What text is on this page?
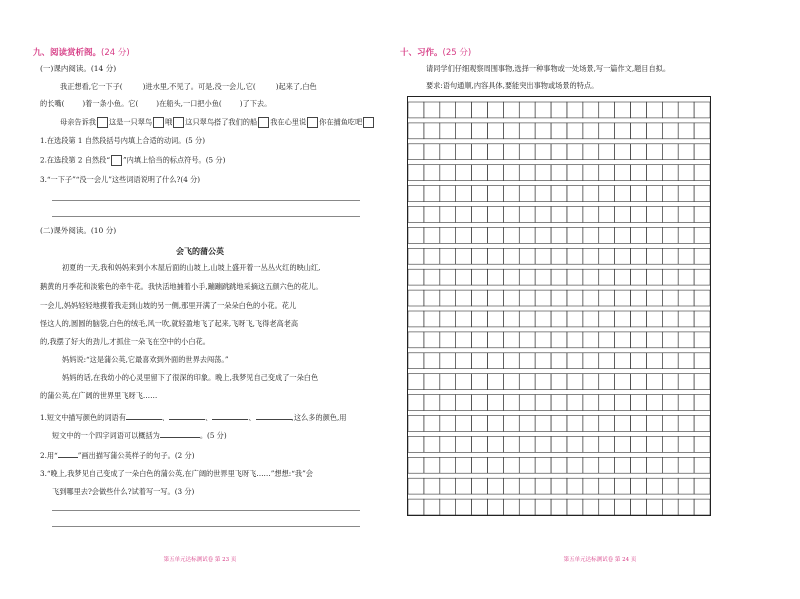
九、阅读赏析阁。(24 分)
(一)课内阅读。(14 分)
我正想看,它一下子(	)进水里,不见了。可是,没一会儿,它(	)起来了,白色
的长嘴(	)着一条小鱼。它(	)在船头,一口把小鱼(	)了下去。
母亲告诉我 这是一只翠鸟 哦 这只翠鸟搭了我们的船 我在心里说 你在捕鱼吃吧
1.在选段第 1 自然段括号内填上合适的动词。(5 分)
2.在选段第 2 自然段“ ”内填上恰当的标点符号。(5 分)
3.“一下子”“没一会儿”这些词语说明了什么?(4 分)
(二)课外阅读。(10 分)
会飞的蒲公英
初夏的一天,我和妈妈来到小木屋后面的山坡上,山坡上盛开着一丛丛火红的映山红,
鹅黄的月季花和淡紫色的牵牛花。我快活地捕着小手,蹦蹦跳跳地采摘这五颜六色的花儿。
一会儿,妈妈轻轻地摸着我走到山坡的另一侧,那里开满了一朵朵白色的小花。花儿
怪这人的,圆圆的脑袋,白色的绒毛,风一吹,就轻盈地飞了起来,飞呀飞,飞得老高老高
的,我摆了好大的劲儿,才抓住一朵飞在空中的小白花。
妈妈说:“这是蒲公英,它最喜欢到外面的世界去闯荡。”
妈妈的话,在我幼小的心灵里留下了很深的印象。晚上,我梦见自己变成了一朵白色
的蒲公英,在广阔的世界里飞呀飞……
1.短文中描写颜色的词语有	、	、	、	,这么多的颜色,用
短文中的一个四字词语可以概括为	。(5 分)
2.用“	”画出描写蒲公英样子的句子。(2 分)
3.“晚上,我梦见自己变成了一朵白色的蒲公英,在广阔的世界里飞呀飞……”想想:“我”会
飞到哪里去?会做些什么?试着写一写。(3 分)
第五单元达标测试卷 第 23 页
十、习作。(25 分)
请同学们仔细观察周围事物,选择一种事物或一处场景,写一篇作文,题目自拟。
要求:语句通顺,内容具体,要能突出事物或场景的特点。
第五单元达标测试卷 第 24 页
